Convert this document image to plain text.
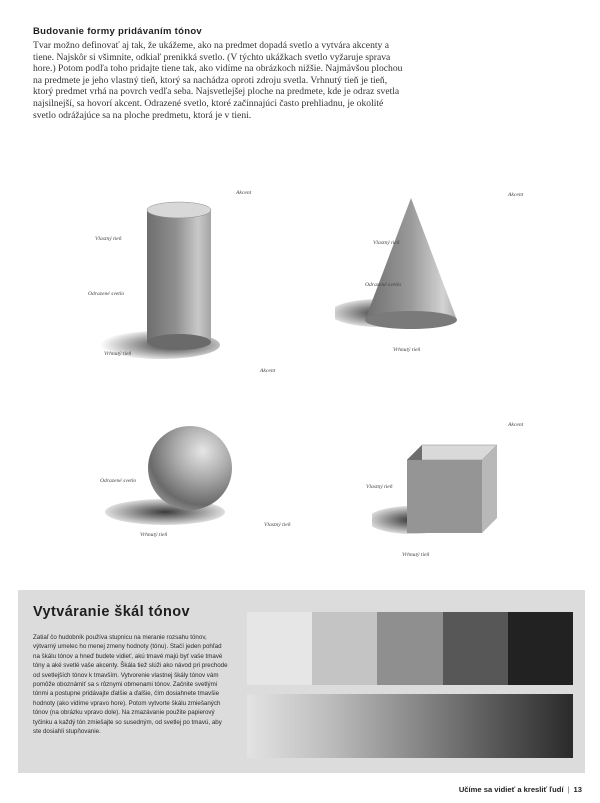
Budovanie formy pridávaním tónov

Tvar možno definovať aj tak, že ukážeme, ako na predmet dopadá svetlo a vytvára akcenty a tiene. Najskôr si všimnite, odkiaľ prenikká svetlo. (V týchto ukážkach svetlo vyžaruje sprava hore.) Potom podľa toho pridajte tiene tak, ako vidíme na obrázkoch nižšie. Najmävšou plochou na predmete je jeho vlastný tieň, ktorý sa nachádza oproti zdroju svetla. Vrhnutý tieň je tieň, ktorý predmet vrhá na povrch vedľa seba. Najsvetlejšej ploche na predmete, kde je odraz svetla najsilnejší, sa hovorí akcent. Odrazené svetlo, ktoré začínnajúci často prehliadnu, je okolité svetlo odrážajúce sa na ploche predmetu, ktorá je v tieni.

Vlastný tieň
Odrazené svetlo
Akcent
Vrhnutý tieň
Akcent
Vlastný tieň
Odrazené svetlo
Vrhnutý tieň
Akcent
Odrazené svetlo
Vlastný tieň
Vrhnutý tieň
Akcent
Vlastný tieň
Vrhnutý tieň
Vytváranie škál tónov

Zatiaľ čo hudobník používa stupnicu na meranie rozsahu tónov, výtvarný umelec ho menej zmeny hodnoty (tónu). Stačí jeden pohľad na škálu tónov a hneď budete vidieť, akú tmavé majú byť vaše tmavé tóny a aké svetlé vaše akcenty. Škála tiež slúži ako návod pri prechode od svetlejších tónov k tmavším. Vytvorenie vlastnej škály tónov vám pomôže oboznámiť sa s rôznymi obmenami tónov. Začnite svetlými tónmi a postupne pridávajte ďalšie a ďalšie, čím dosiahnete tmavšie hodnoty (ako vidíme vpravo hore). Potom vytvorte škálu zmiešaných tónov (na obrázku vpravo dole). Na zmazávanie použite papierový tyčinku a každý tón zmiešajte so susedným, od svetlej po tmavú, aby ste dosiahli stupňovanie.

Učíme sa vidieť a kresliť ľudí | 13
